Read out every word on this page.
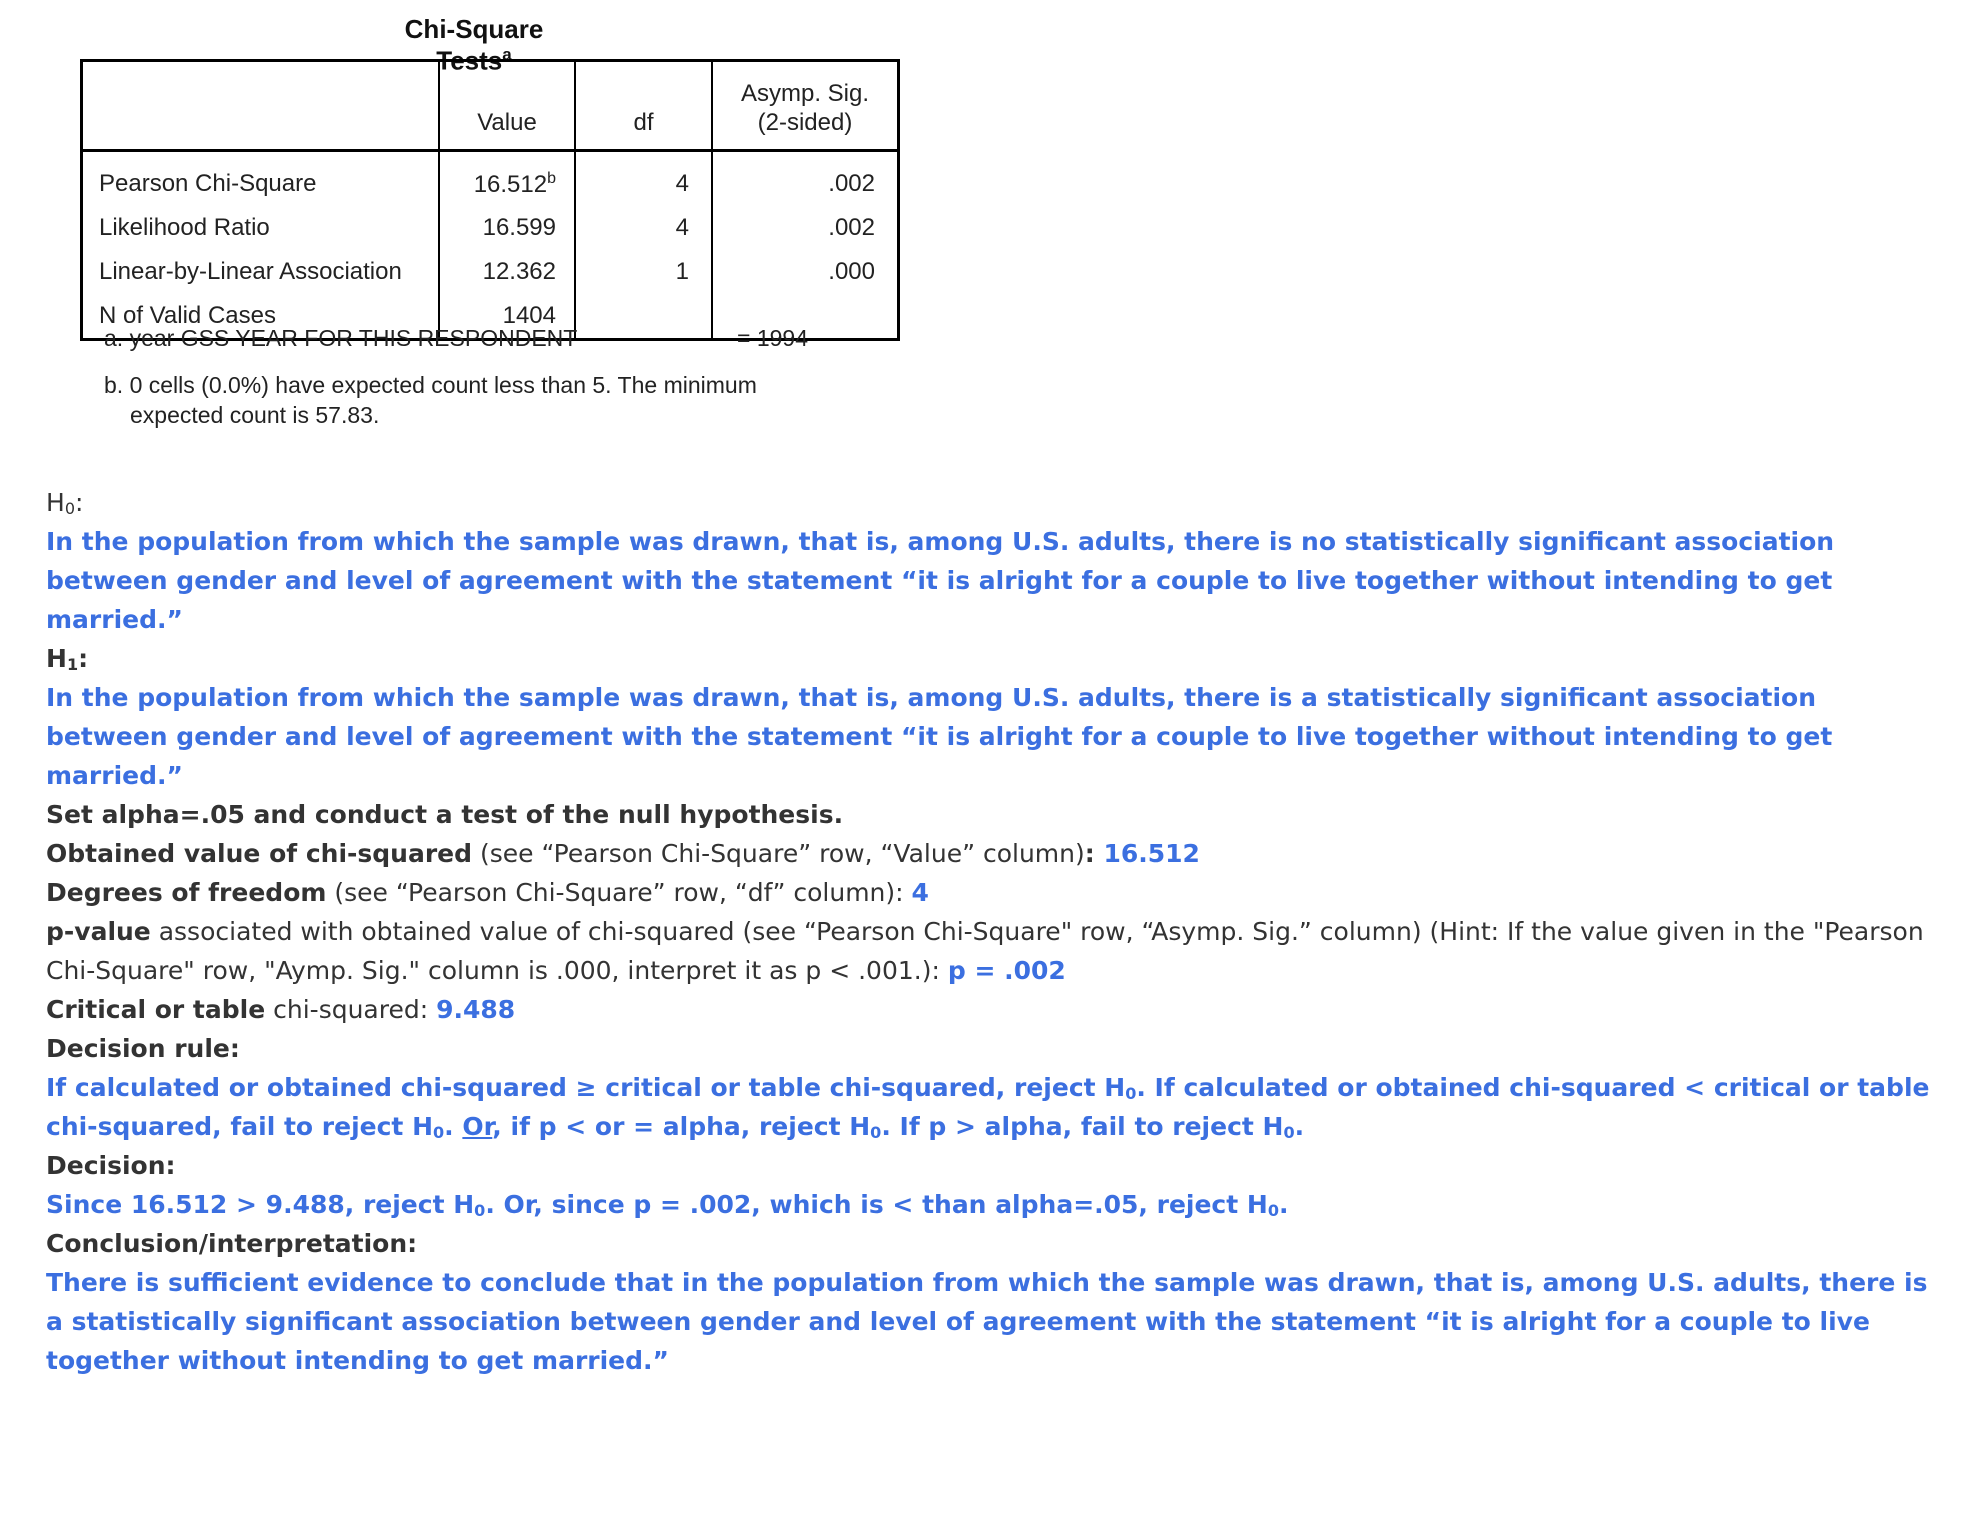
Chi-Square Tests$^a$
	Value	df	Asymp. Sig.
(2-sided)
Pearson Chi-Square	16.512$^b$	4	.002
Likelihood Ratio	16.599	4	.002
Linear-by-Linear Association	12.362	1	.000
N of Valid Cases	1404		
a. year GSS YEAR FOR THIS RESPONDENT	= 1994
b. 0 cells (0.0%) have expected count less than 5. The minimum
expected count is 57.83.

$H_0$:

In the population from which the sample was drawn, that is, among U.S. adults, there is no statistically significant association between gender and level of agreement with the statement “it is alright for a couple to live together without intending to get married.”

$H_1$:

In the population from which the sample was drawn, that is, among U.S. adults, there is a statistically significant association between gender and level of agreement with the statement “it is alright for a couple to live together without intending to get married.”

Set alpha=.05 and conduct a test of the null hypothesis.

Obtained value of chi-squared (see “Pearson Chi-Square” row, “Value” column): 16.512

Degrees of freedom (see “Pearson Chi-Square” row, “df” column): 4

p-value associated with obtained value of chi-squared (see “Pearson Chi-Square" row, “Asymp. Sig.” column) (Hint: If the value given in the "Pearson Chi-Square" row, "Aymp. Sig." column is .000, interpret it as p < .001.): p = .002

Critical or table chi-squared: 9.488

Decision rule:

If calculated or obtained chi-squared ≥ critical or table chi-squared, reject $H_0$. If calculated or obtained chi-squared < critical or table chi-squared, fail to reject $H_0$. Or, if p < or = alpha, reject $H_0$. If p > alpha, fail to reject $H_0$.

Decision:

Since 16.512 > 9.488, reject $H_0$. Or, since p = .002, which is < than alpha=.05, reject $H_0$.

Conclusion/interpretation:

There is sufficient evidence to conclude that in the population from which the sample was drawn, that is, among U.S. adults, there is a statistically significant association between gender and level of agreement with the statement “it is alright for a couple to live together without intending to get married.”
